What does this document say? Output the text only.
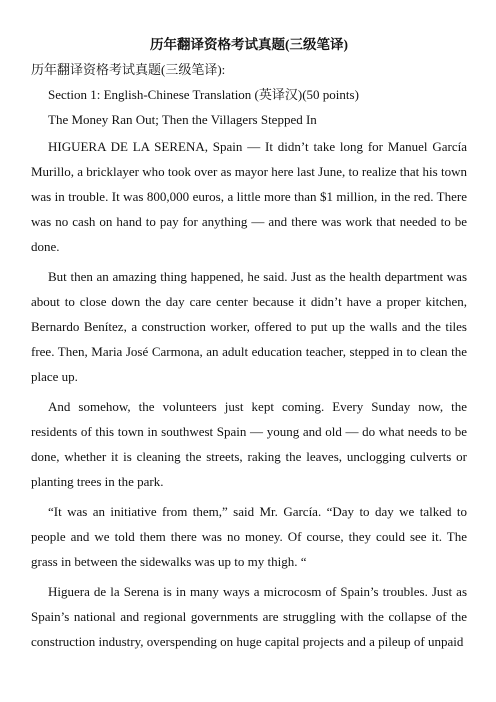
历年翻译资格考试真题(三级笔译)
历年翻译资格考试真题(三级笔译):
Section 1: English-Chinese Translation (英译汉)(50 points)
The Money Ran Out; Then the Villagers Stepped In

HIGUERA DE LA SERENA, Spain — It didn’t take long for Manuel García Murillo, a bricklayer who took over as mayor here last June, to realize that his town was in trouble. It was 800,000 euros, a little more than $1 million, in the red. There was no cash on hand to pay for anything — and there was work that needed to be done.

But then an amazing thing happened, he said. Just as the health department was about to close down the day care center because it didn’t have a proper kitchen, Bernardo Benítez, a construction worker, offered to put up the walls and the tiles free. Then, Maria José Carmona, an adult education teacher, stepped in to clean the place up.

And somehow, the volunteers just kept coming. Every Sunday now, the residents of this town in southwest Spain — young and old — do what needs to be done, whether it is cleaning the streets, raking the leaves, unclogging culverts or planting trees in the park.

“It was an initiative from them,” said Mr. García. “Day to day we talked to people and we told them there was no money. Of course, they could see it. The grass in between the sidewalks was up to my thigh. “

Higuera de la Serena is in many ways a microcosm of Spain’s troubles. Just as Spain’s national and regional governments are struggling with the collapse of the construction industry, overspending on huge capital projects and a pileup of unpaid
